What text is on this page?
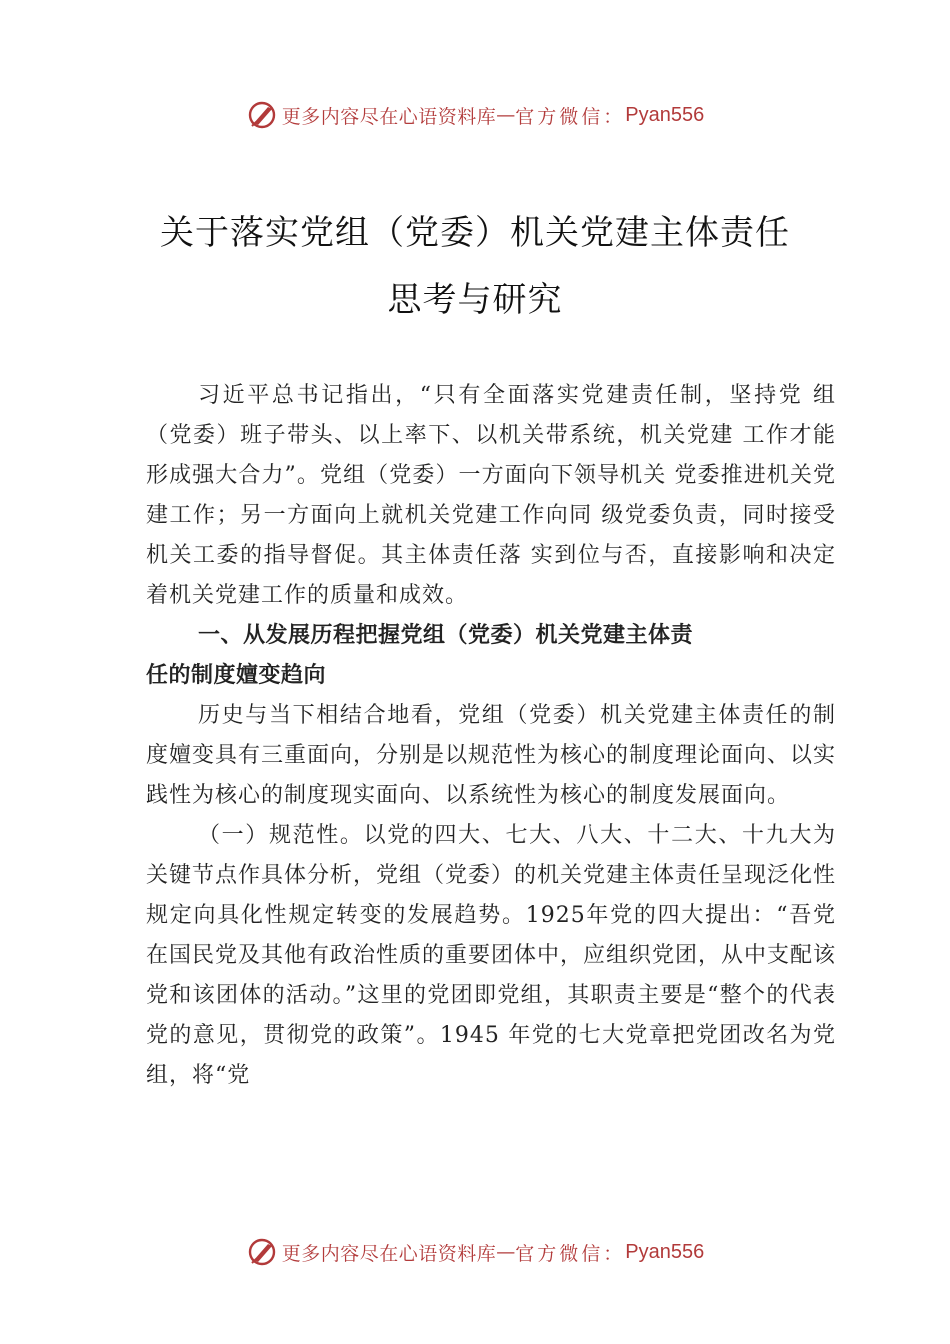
更多内容尽在心语资料库 — 官方微信： Pyan556
关于落实党组（党委）机关党建主体责任
思考与研究

习近平总书记指出，“只有全面落实党建责任制，坚持党 组（党委）班子带头、以上率下、以机关带系统，机关党建 工作才能形成强大合力”。党组（党委）一方面向下领导机关 党委推进机关党建工作；另一方面向上就机关党建工作向同 级党委负责，同时接受机关工委的指导督促。其主体责任落 实到位与否，直接影响和决定着机关党建工作的质量和成效。

一、从发展历程把握党组（党委）机关党建主体责

任的制度嬗变趋向

历史与当下相结合地看，党组（党委）机关党建主体责任的制度嬗变具有三重面向，分别是以规范性为核心的制度理论面向、以实践性为核心的制度现实面向、以系统性为核心的制度发展面向。

（一）规范性。以党的四大、七大、八大、十二大、十九大为关键节点作具体分析，党组（党委）的机关党建主体责任呈现泛化性规定向具化性规定转变的发展趋势。1925年党的四大提出：“吾党在国民党及其他有政治性质的重要团体中，应组织党团，从中支配该党和该团体的活动。”这里的党团即党组，其职责主要是“整个的代表党的意见，贯彻党的政策”。1945 年党的七大党章把党团改名为党组，将“党

更多内容尽在心语资料库 — 官方微信： Pyan556
